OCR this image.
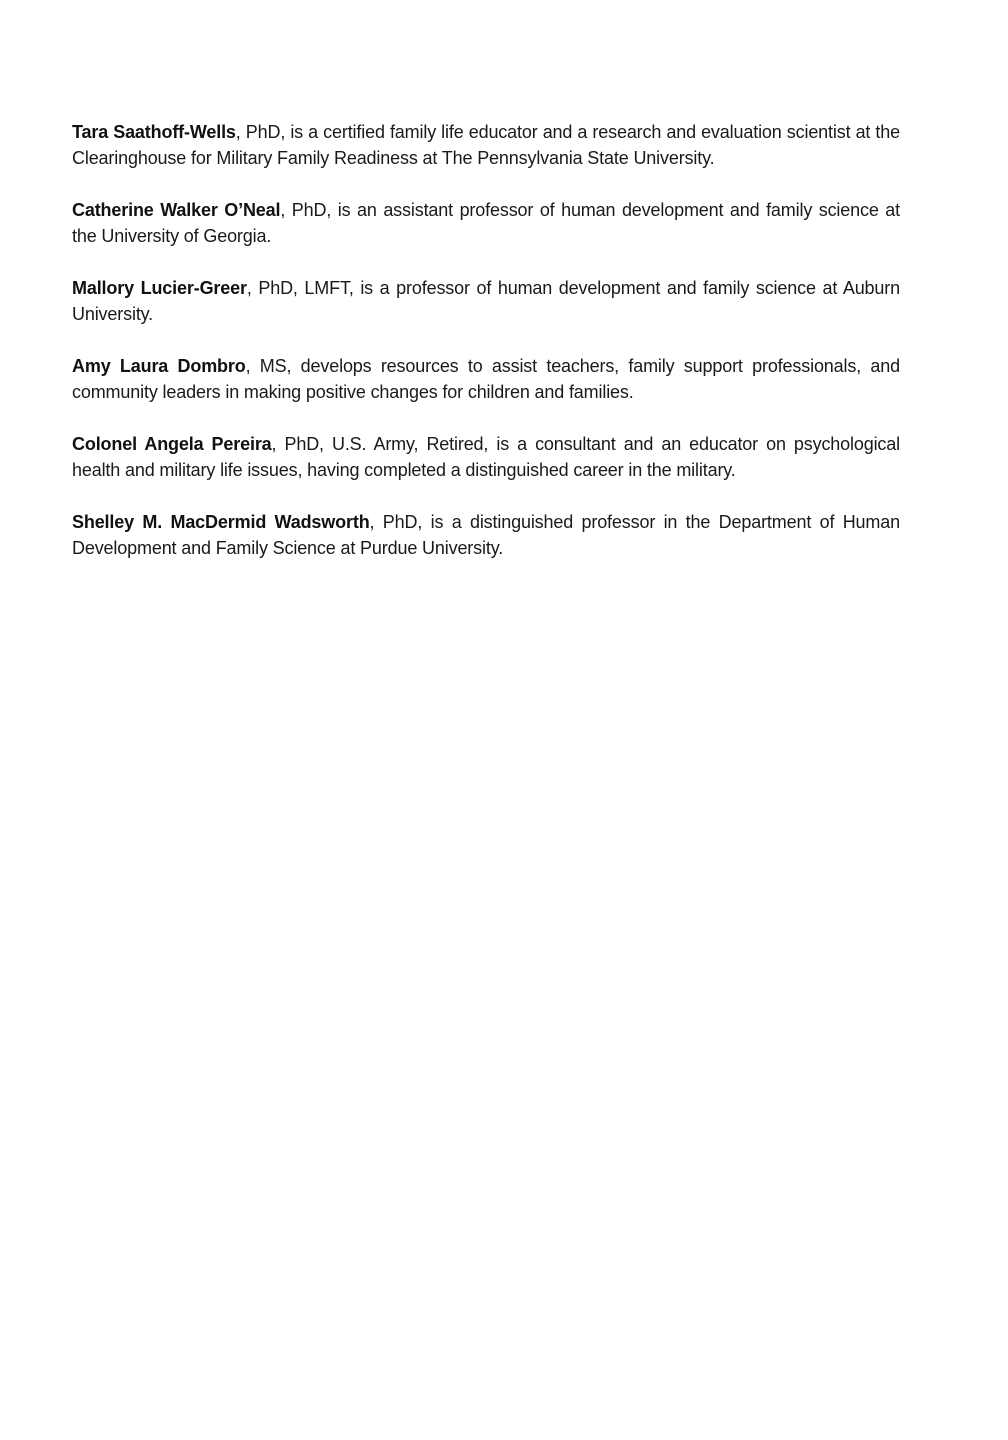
Tara Saathoff-Wells, PhD, is a certified family life educator and a research and evaluation scientist at the Clearinghouse for Military Family Readiness at The Pennsylvania State University.

Catherine Walker O’Neal, PhD, is an assistant professor of human development and family science at the University of Georgia.

Mallory Lucier-Greer, PhD, LMFT, is a professor of human development and family science at Auburn University.

Amy Laura Dombro, MS, develops resources to assist teachers, family support professionals, and community leaders in making positive changes for children and families.

Colonel Angela Pereira, PhD, U.S. Army, Retired, is a consultant and an educator on psychological health and military life issues, having completed a distinguished career in the military.

Shelley M. MacDermid Wadsworth, PhD, is a distinguished professor in the Department of Human Development and Family Science at Purdue University.
